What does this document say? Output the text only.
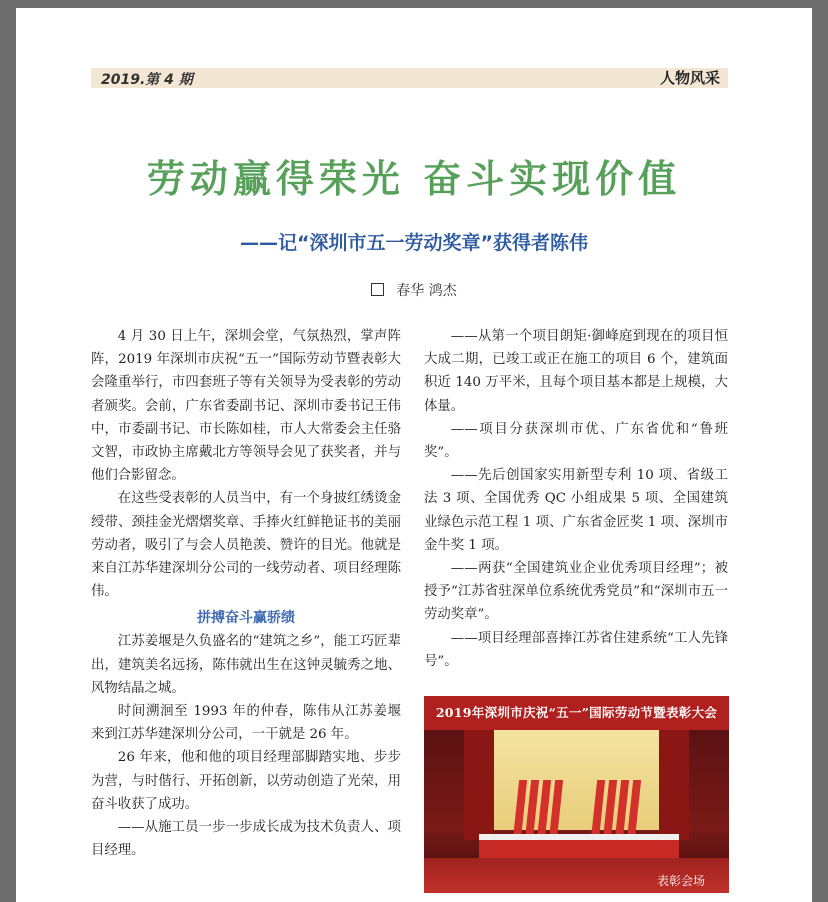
2019.第 4 期	人物风采
劳动赢得荣光 奋斗实现价值
——记“深圳市五一劳动奖章”获得者陈伟
春华 鸿杰

4 月 30 日上午，深圳会堂，气氛热烈，掌声阵阵，2019 年深圳市庆祝“五一”国际劳动节暨表彰大会隆重举行，市四套班子等有关领导为受表彰的劳动者颁奖。会前，广东省委副书记、深圳市委书记王伟中，市委副书记、市长陈如桂，市人大常委会主任骆文智，市政协主席戴北方等领导会见了获奖者，并与他们合影留念。

在这些受表彰的人员当中，有一个身披红绣烫金绶带、颈挂金光熠熠奖章、手捧火红鲜艳证书的美丽劳动者，吸引了与会人员艳羡、赞许的目光。他就是来自江苏华建深圳分公司的一线劳动者、项目经理陈伟。

拼搏奋斗赢骄绩

江苏姜堰是久负盛名的“建筑之乡”，能工巧匠辈出，建筑美名远扬，陈伟就出生在这钟灵毓秀之地、风物结晶之城。

时间溯洄至 1993 年的仲春，陈伟从江苏姜堰来到江苏华建深圳分公司，一干就是 26 年。

26 年来，他和他的项目经理部脚踏实地、步步为营，与时偕行、开拓创新，以劳动创造了光荣，用奋斗收获了成功。

——从施工员一步一步成长成为技术负责人、项目经理。

——从第一个项目朗矩·御峰庭到现在的项目恒大成二期，已竣工或正在施工的项目 6 个，建筑面积近 140 万平米，且每个项目基本都是上规模，大体量。

——项目分获深圳市优、广东省优和“鲁班奖”。

——先后创国家实用新型专利 10 项、省级工法 3 项、全国优秀 QC 小组成果 5 项、全国建筑业绿色示范工程 1 项、广东省金匠奖 1 项、深圳市金牛奖 1 项。

——两获“全国建筑业企业优秀项目经理”；被授予“江苏省驻深单位系统优秀党员”和“深圳市五一劳动奖章”。

——项目经理部喜捧江苏省住建系统“工人先锋号”。

2019年深圳市庆祝“五一”国际劳动节暨表彰大会
表彰会场
